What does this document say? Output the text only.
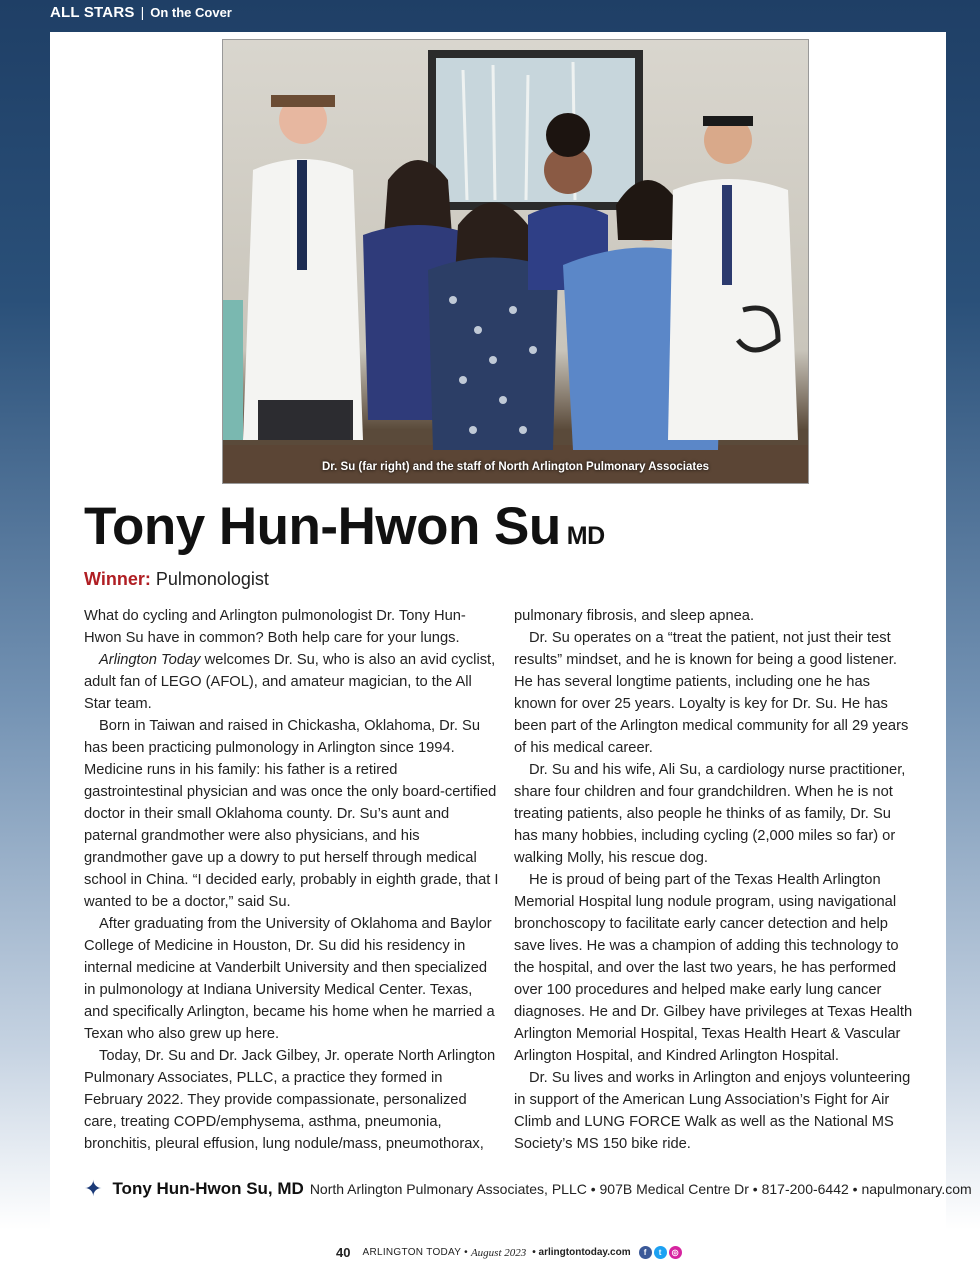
ALL STARS | On the Cover
Dr. Su (far right) and the staff of North Arlington Pulmonary Associates
Tony Hun-Hwon Su MD
Winner: Pulmonologist

What do cycling and Arlington pulmonologist Dr. Tony Hun-Hwon Su have in common? Both help care for your lungs.

Arlington Today welcomes Dr. Su, who is also an avid cyclist, adult fan of LEGO (AFOL), and amateur magician, to the All Star team.

Born in Taiwan and raised in Chickasha, Oklahoma, Dr. Su has been practicing pulmonology in Arlington since 1994. Medicine runs in his family: his father is a retired gastrointestinal physician and was once the only board-certified doctor in their small Oklahoma county. Dr. Su’s aunt and paternal grandmother were also physicians, and his grandmother gave up a dowry to put herself through medical school in China. “I decided early, probably in eighth grade, that I wanted to be a doctor,” said Su.

After graduating from the University of Oklahoma and Baylor College of Medicine in Houston, Dr. Su did his residency in internal medicine at Vanderbilt University and then specialized in pulmonology at Indiana University Medical Center. Texas, and specifically Arlington, became his home when he married a Texan who also grew up here.

Today, Dr. Su and Dr. Jack Gilbey, Jr. operate North Arlington Pulmonary Associates, PLLC, a practice they formed in February 2022. They provide compassionate, personalized care, treating COPD/emphysema, asthma, pneumonia, bronchitis, pleural effusion, lung nodule/mass, pneumothorax,

pulmonary fibrosis, and sleep apnea.

Dr. Su operates on a “treat the patient, not just their test results” mindset, and he is known for being a good listener. He has several longtime patients, including one he has known for over 25 years. Loyalty is key for Dr. Su. He has been part of the Arlington medical community for all 29 years of his medical career.

Dr. Su and his wife, Ali Su, a cardiology nurse practitioner, share four children and four grandchildren. When he is not treating patients, also people he thinks of as family, Dr. Su has many hobbies, including cycling (2,000 miles so far) or walking Molly, his rescue dog.

He is proud of being part of the Texas Health Arlington Memorial Hospital lung nodule program, using navigational bronchoscopy to facilitate early cancer detection and help save lives. He was a champion of adding this technology to the hospital, and over the last two years, he has performed over 100 procedures and helped make early lung cancer diagnoses. He and Dr. Gilbey have privileges at Texas Health Arlington Memorial Hospital, Texas Health Heart & Vascular Arlington Hospital, and Kindred Arlington Hospital.

Dr. Su lives and works in Arlington and enjoys volunteering in support of the American Lung Association’s Fight for Air Climb and LUNG FORCE Walk as well as the National MS Society’s MS 150 bike ride.

✦ Tony Hun-Hwon Su, MD North Arlington Pulmonary Associates, PLLC • 907B Medical Centre Dr • 817-200-6442 • napulmonary.com
40 ARLINGTON TODAY • August 2023 • arlingtontoday.com	f	t	◎
